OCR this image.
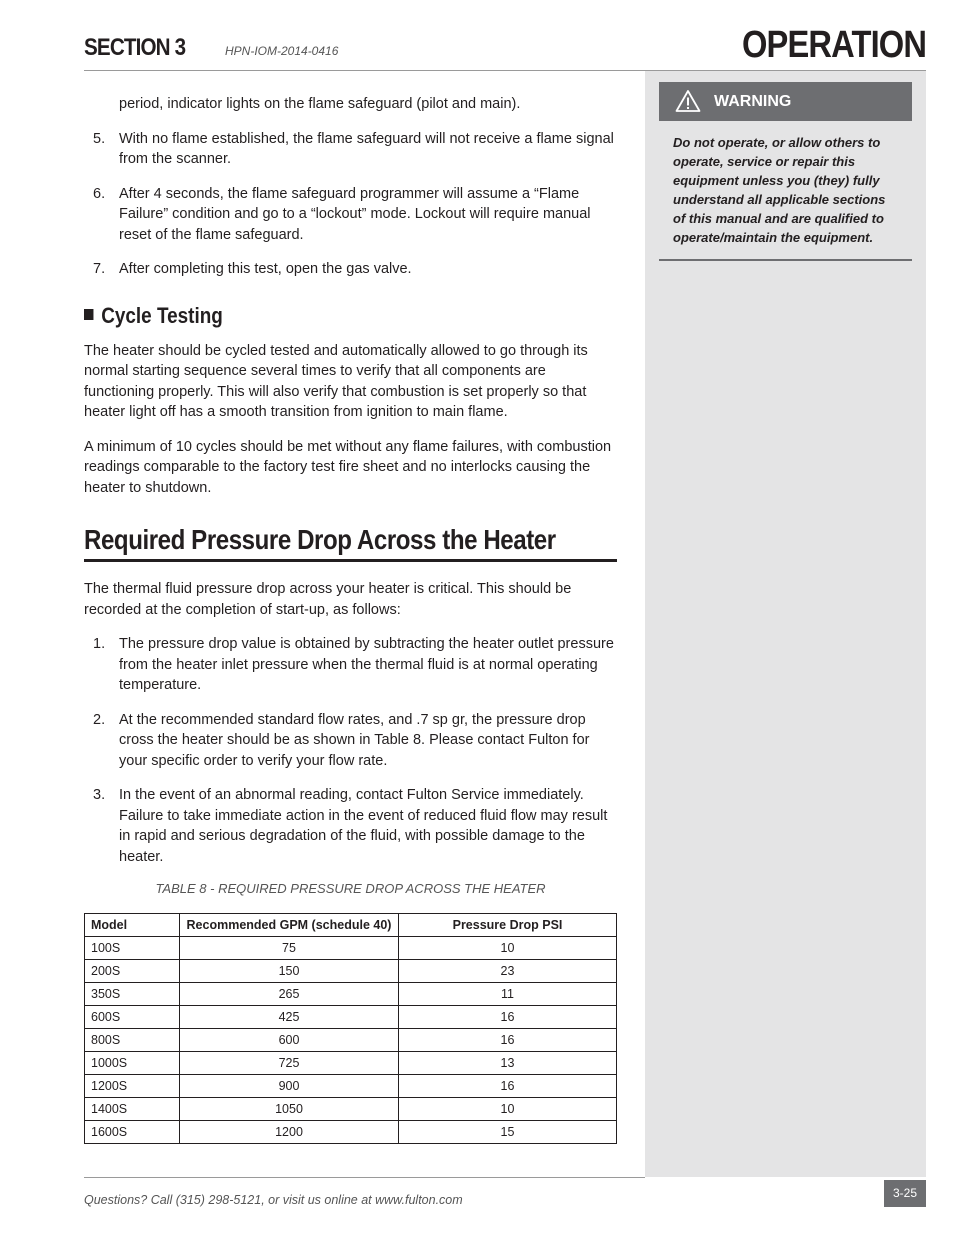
SECTION 3	HPN-IOM-2014-0416	OPERATION
WARNING
Do not operate, or allow others to operate, service or repair this equipment unless you (they) fully understand all applicable sections of this manual and are qualified to operate/maintain the equipment.

period, indicator lights on the flame safeguard (pilot and main).

5. With no flame established, the flame safeguard will not receive a flame signal from the scanner.

6. After 4 seconds, the flame safeguard programmer will assume a “Flame Failure” condition and go to a “lockout” mode. Lockout will require manual reset of the flame safeguard.

7. After completing this test, open the gas valve.

Cycle Testing

The heater should be cycled tested and automatically allowed to go through its normal starting sequence several times to verify that all components are functioning properly. This will also verify that combustion is set properly so that heater light off has a smooth transition from ignition to main flame.

A minimum of 10 cycles should be met without any flame failures, with combustion readings comparable to the factory test fire sheet and no interlocks causing the heater to shutdown.

Required Pressure Drop Across the Heater

The thermal fluid pressure drop across your heater is critical. This should be recorded at the completion of start-up, as follows:

1. The pressure drop value is obtained by subtracting the heater outlet pressure from the heater inlet pressure when the thermal fluid is at normal operating temperature.

2. At the recommended standard flow rates, and .7 sp gr, the pressure drop cross the heater should be as shown in Table 8. Please contact Fulton for your specific order to verify your flow rate.

3. In the event of an abnormal reading, contact Fulton Service immediately. Failure to take immediate action in the event of reduced fluid flow may result in rapid and serious degradation of the fluid, with possible damage to the heater.

TABLE 8 - REQUIRED PRESSURE DROP ACROSS THE HEATER
Model	Recommended GPM (schedule 40)	Pressure Drop PSI
100S	75	10
200S	150	23
350S	265	11
600S	425	16
800S	600	16
1000S	725	13
1200S	900	16
1400S	1050	10
1600S	1200	15
Questions? Call (315) 298-5121, or visit us online at www.fulton.com	3-25
